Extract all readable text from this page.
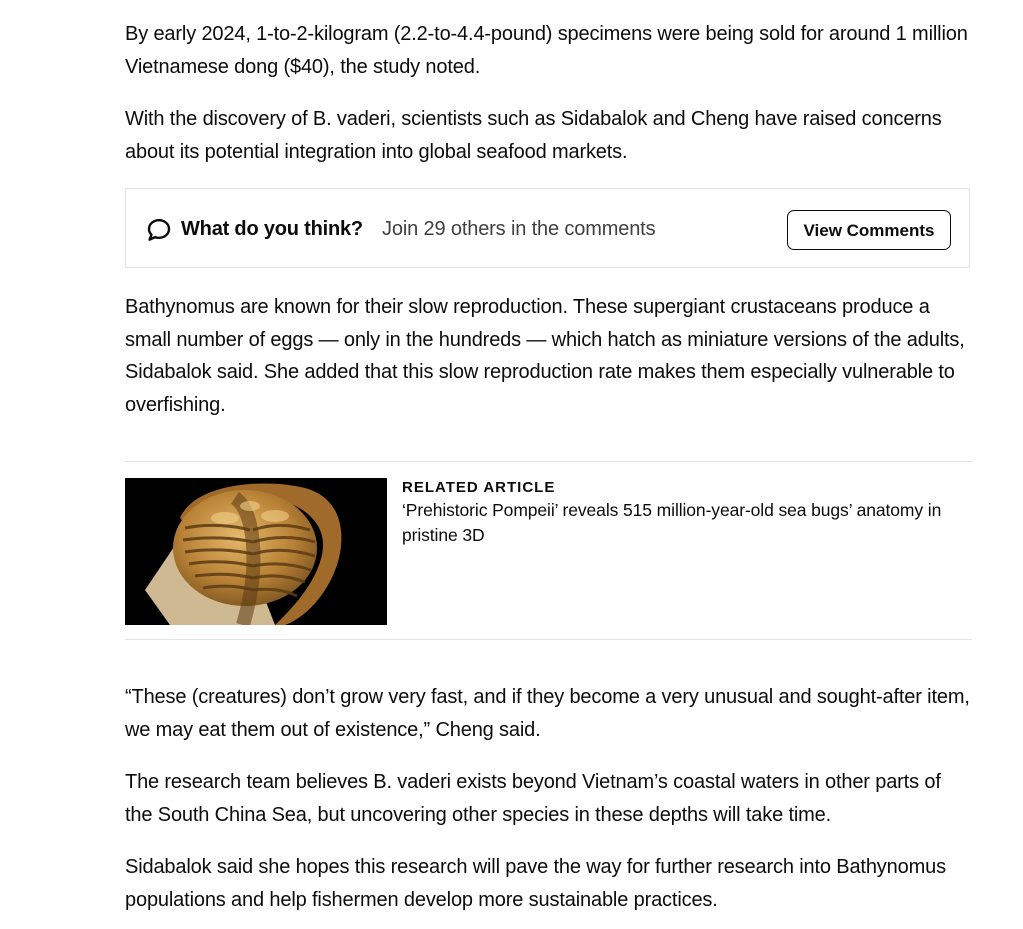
By early 2024, 1-to-2-kilogram (2.2-to-4.4-pound) specimens were being sold for around 1 million Vietnamese dong ($40), the study noted.

With the discovery of B. vaderi, scientists such as Sidabalok and Cheng have raised concerns about its potential integration into global seafood markets.

What do you think? Join 29 others in the comments	View Comments

Bathynomus are known for their slow reproduction. These supergiant crustaceans produce a small number of eggs — only in the hundreds — which hatch as miniature versions of the adults, Sidabalok said. She added that this slow reproduction rate makes them especially vulnerable to overfishing.

RELATED ARTICLE
‘Prehistoric Pompeii’ reveals 515 million-year-old sea bugs’ anatomy in pristine 3D

“These (creatures) don’t grow very fast, and if they become a very unusual and sought-after item, we may eat them out of existence,” Cheng said.

The research team believes B. vaderi exists beyond Vietnam’s coastal waters in other parts of the South China Sea, but uncovering other species in these depths will take time.

Sidabalok said she hopes this research will pave the way for further research into Bathynomus populations and help fishermen develop more sustainable practices.
